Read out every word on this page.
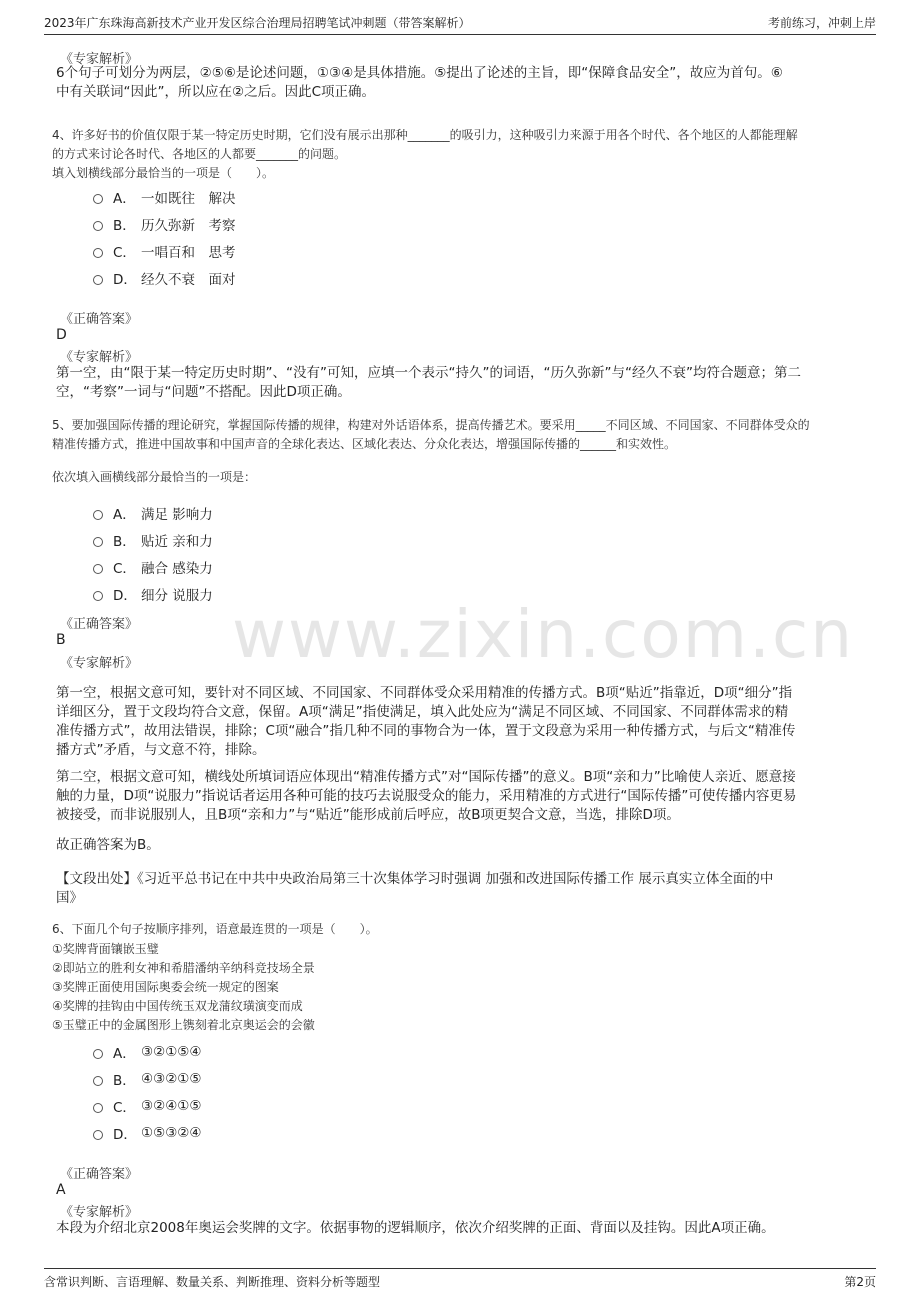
2023年广东珠海高新技术产业开发区综合治理局招聘笔试冲刺题（带答案解析）	考前练习，冲刺上岸
www.zixin.com.cn
《专家解析》
6个句子可划分为两层，②⑤⑥是论述问题，①③④是具体措施。⑤提出了论述的主旨，即“保障食品安全”，故应为首句。⑥
中有关联词“因此”，所以应在②之后。因此C项正确。
4、许多好书的价值仅限于某一特定历史时期，它们没有展示出那种_______的吸引力，这种吸引力来源于用各个时代、各个地区的人都能理解
的方式来讨论各时代、各地区的人都要_______的问题。
填入划横线部分最恰当的一项是（　　）。
A． 一如既往　解决
B． 历久弥新　考察
C． 一唱百和　思考
D． 经久不衰　面对
《正确答案》
D
《专家解析》
第一空，由“限于某一特定历史时期”、“没有”可知，应填一个表示“持久”的词语，“历久弥新”与“经久不衰”均符合题意；第二
空，“考察”一词与“问题”不搭配。因此D项正确。
5、要加强国际传播的理论研究，掌握国际传播的规律，构建对外话语体系，提高传播艺术。要采用_____不同区域、不同国家、不同群体受众的
精准传播方式，推进中国故事和中国声音的全球化表达、区域化表达、分众化表达，增强国际传播的______和实效性。
依次填入画横线部分最恰当的一项是：
A． 满足 影响力
B． 贴近 亲和力
C． 融合 感染力
D． 细分 说服力
《正确答案》
B
《专家解析》
第一空，根据文意可知，要针对不同区域、不同国家、不同群体受众采用精准的传播方式。B项“贴近”指靠近，D项“细分”指
详细区分，置于文段均符合文意，保留。A项“满足”指使满足，填入此处应为“满足不同区域、不同国家、不同群体需求的精
准传播方式”，故用法错误，排除；C项“融合”指几种不同的事物合为一体，置于文段意为采用一种传播方式，与后文“精准传
播方式”矛盾，与文意不符，排除。
第二空，根据文意可知，横线处所填词语应体现出“精准传播方式”对“国际传播”的意义。B项“亲和力”比喻使人亲近、愿意接
触的力量，D项“说服力”指说话者运用各种可能的技巧去说服受众的能力，采用精准的方式进行“国际传播”可使传播内容更易
被接受，而非说服别人，且B项“亲和力”与“贴近”能形成前后呼应，故B项更契合文意，当选，排除D项。
故正确答案为B。
【文段出处】《习近平总书记在中共中央政治局第三十次集体学习时强调 加强和改进国际传播工作 展示真实立体全面的中
国》
6、下面几个句子按顺序排列，语意最连贯的一项是（　　）。
①奖牌背面镶嵌玉璧
②即站立的胜利女神和希腊潘纳辛纳科竞技场全景
③奖牌正面使用国际奥委会统一规定的图案
④奖牌的挂钩由中国传统玉双龙蒲纹璜演变而成
⑤玉璧正中的金属图形上镌刻着北京奥运会的会徽
A． ③②①⑤④
B． ④③②①⑤
C． ③②④①⑤
D． ①⑤③②④
《正确答案》
A
《专家解析》
本段为介绍北京2008年奥运会奖牌的文字。依据事物的逻辑顺序，依次介绍奖牌的正面、背面以及挂钩。因此A项正确。
含常识判断、言语理解、数量关系、判断推理、资料分析等题型	第2页
